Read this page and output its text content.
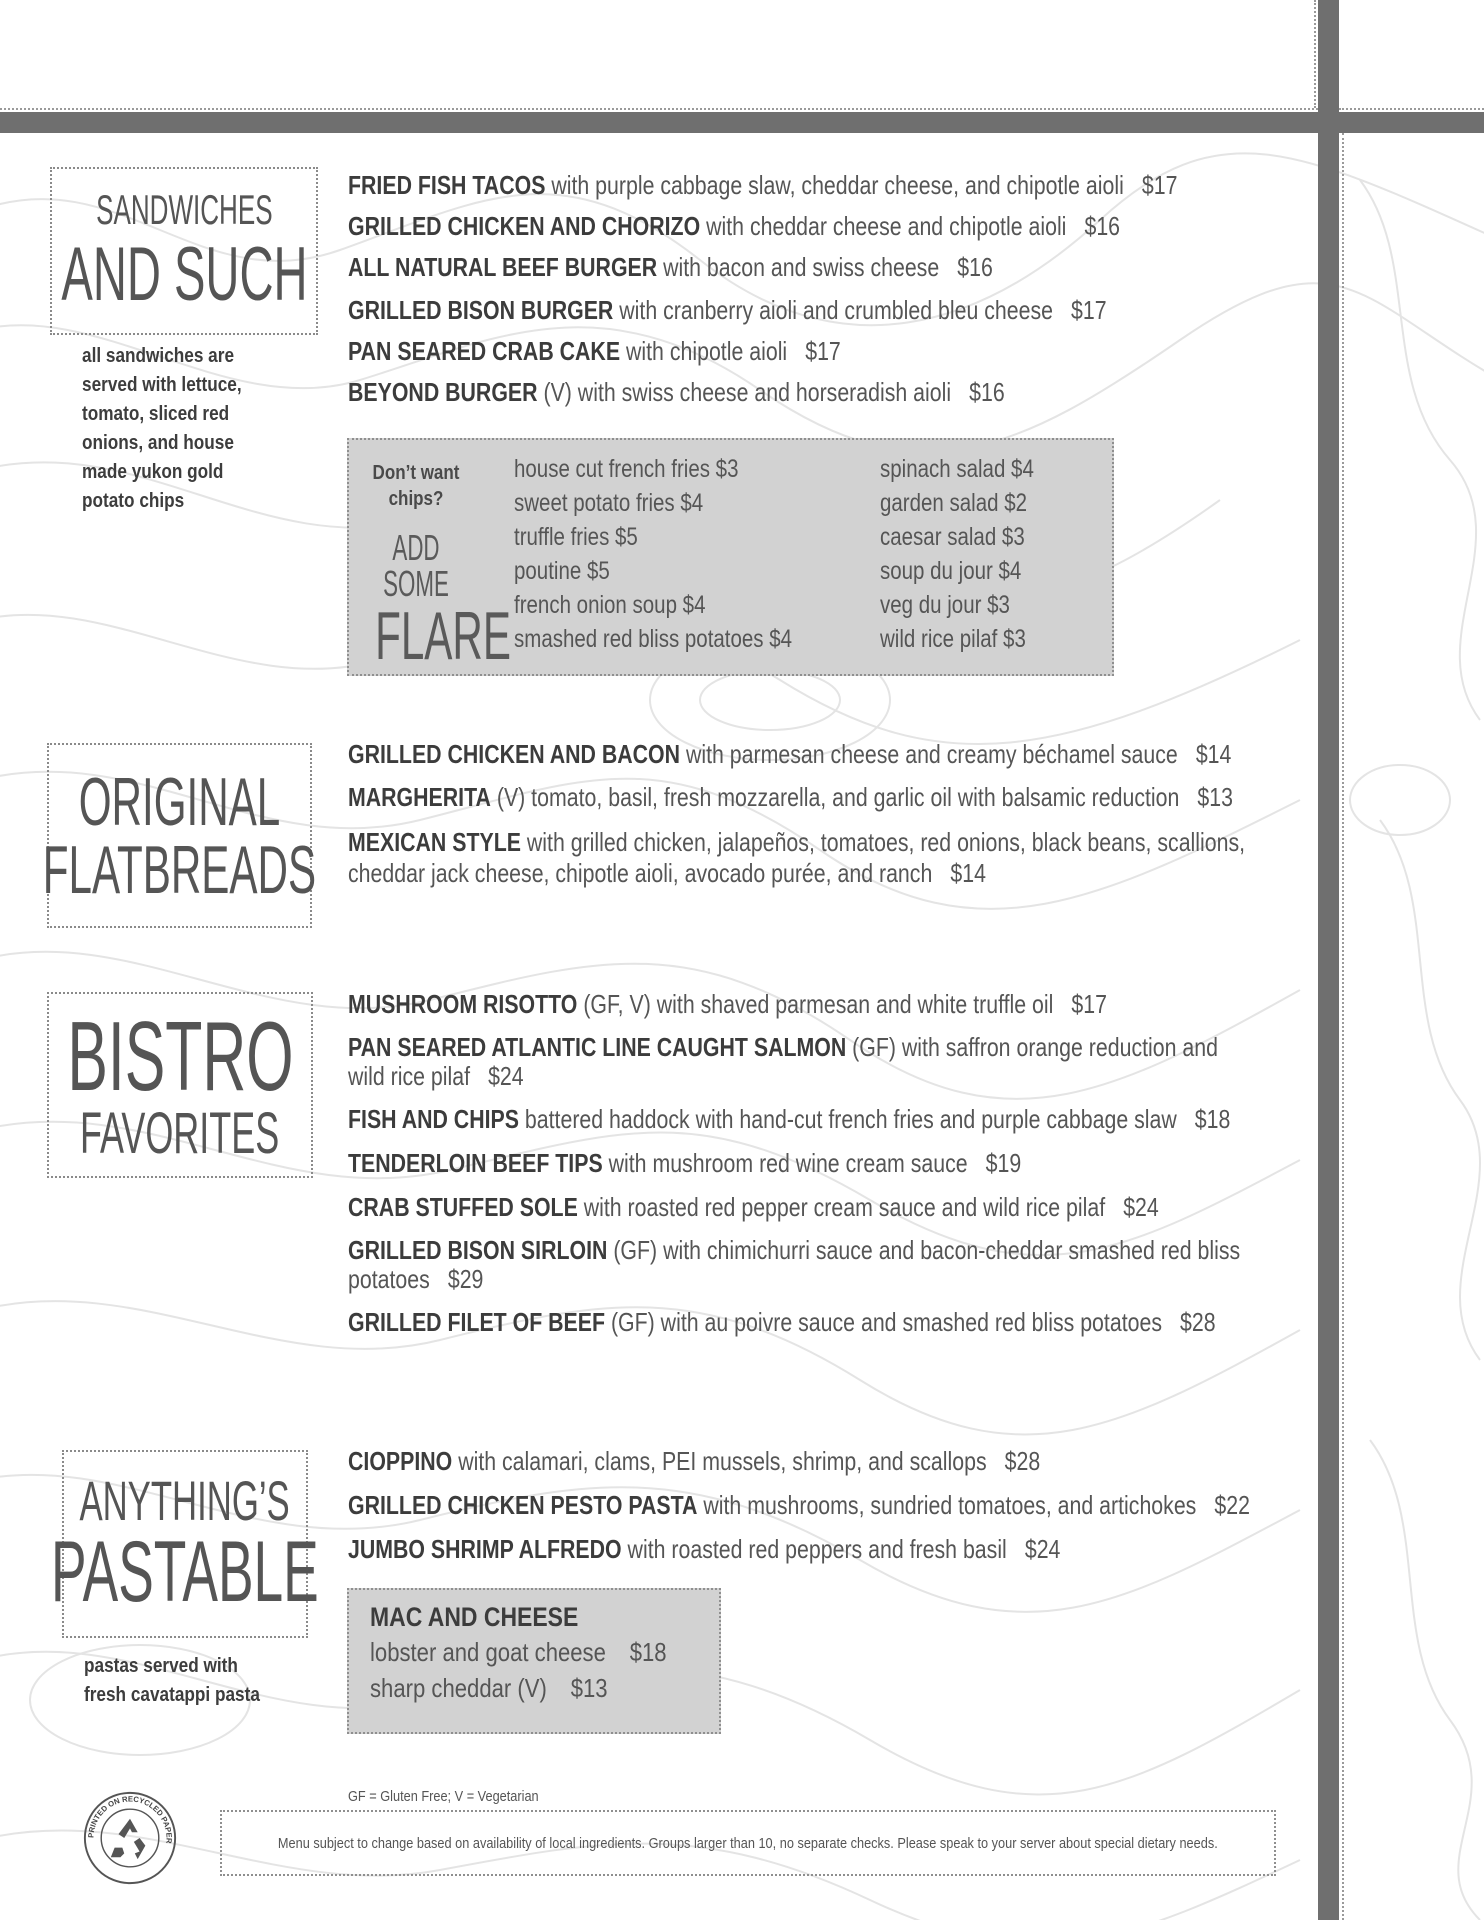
SANDWICHES
AND SUCH
all sandwiches are
served with lettuce,
tomato, sliced red
onions, and house
made yukon gold
potato chips

FRIED FISH TACOS with purple cabbage slaw, cheddar cheese, and chipotle aioli $17

GRILLED CHICKEN AND CHORIZO with cheddar cheese and chipotle aioli $16

ALL NATURAL BEEF BURGER with bacon and swiss cheese $16

GRILLED BISON BURGER with cranberry aioli and crumbled bleu cheese $17

PAN SEARED CRAB CAKE with chipotle aioli $17

BEYOND BURGER (V) with swiss cheese and horseradish aioli $16

Don’t want
chips?
ADD SOME
FLARE
house cut french fries $3
sweet potato fries $4
truffle fries $5
poutine $5
french onion soup $4
smashed red bliss potatoes $4
spinach salad $4
garden salad $2
caesar salad $3
soup du jour $4
veg du jour $3
wild rice pilaf $3
ORIGINAL
FLATBREADS

GRILLED CHICKEN AND BACON with parmesan cheese and creamy béchamel sauce $14

MARGHERITA (V) tomato, basil, fresh mozzarella, and garlic oil with balsamic reduction $13

MEXICAN STYLE with grilled chicken, jalapeños, tomatoes, red onions, black beans, scallions,
cheddar jack cheese, chipotle aioli, avocado purée, and ranch $14

BISTRO
FAVORITES

MUSHROOM RISOTTO (GF, V) with shaved parmesan and white truffle oil $17

PAN SEARED ATLANTIC LINE CAUGHT SALMON (GF) with saffron orange reduction and
wild rice pilaf $24

FISH AND CHIPS battered haddock with hand-cut french fries and purple cabbage slaw $18

TENDERLOIN BEEF TIPS with mushroom red wine cream sauce $19

CRAB STUFFED SOLE with roasted red pepper cream sauce and wild rice pilaf $24

GRILLED BISON SIRLOIN (GF) with chimichurri sauce and bacon-cheddar smashed red bliss
potatoes $29

GRILLED FILET OF BEEF (GF) with au poivre sauce and smashed red bliss potatoes $28

ANYTHING’S
PASTABLE
pastas served with
fresh cavatappi pasta

CIOPPINO with calamari, clams, PEI mussels, shrimp, and scallops $28

GRILLED CHICKEN PESTO PASTA with mushrooms, sundried tomatoes, and artichokes $22

JUMBO SHRIMP ALFREDO with roasted red peppers and fresh basil $24

MAC AND CHEESE
lobster and goat cheese $18
sharp cheddar (V) $13
GF = Gluten Free; V = Vegetarian
Menu subject to change based on availability of local ingredients. Groups larger than 10, no separate checks. Please speak to your server about special dietary needs.
PRINTED ON RECYCLED PAPER
